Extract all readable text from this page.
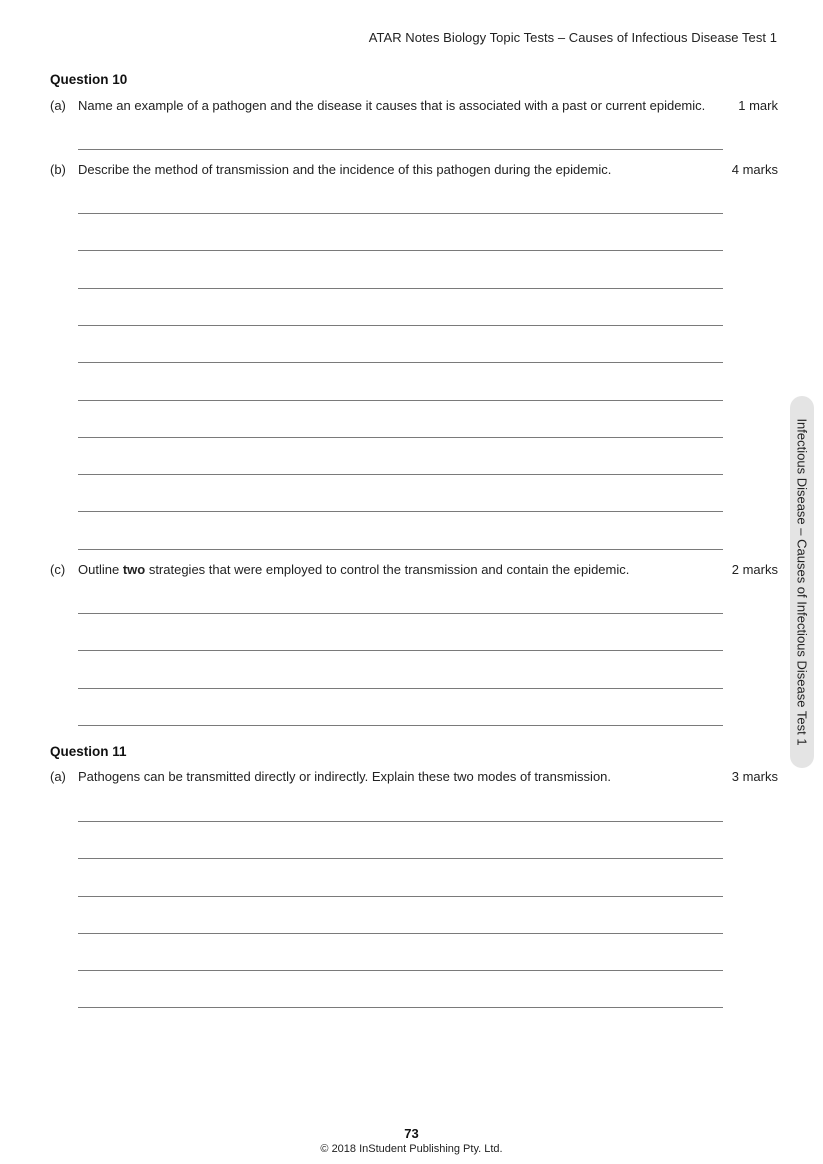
ATAR Notes Biology Topic Tests – Causes of Infectious Disease Test 1
Question 10
(a) Name an example of a pathogen and the disease it causes that is associated with a past or current epidemic.	1 mark
(b) Describe the method of transmission and the incidence of this pathogen during the epidemic.	4 marks
(c) Outline two strategies that were employed to control the transmission and contain the epidemic.	2 marks
Question 11
(a) Pathogens can be transmitted directly or indirectly. Explain these two modes of transmission.	3 marks
Infectious Disease – Causes of Infectious Disease Test 1
73
© 2018 InStudent Publishing Pty. Ltd.
